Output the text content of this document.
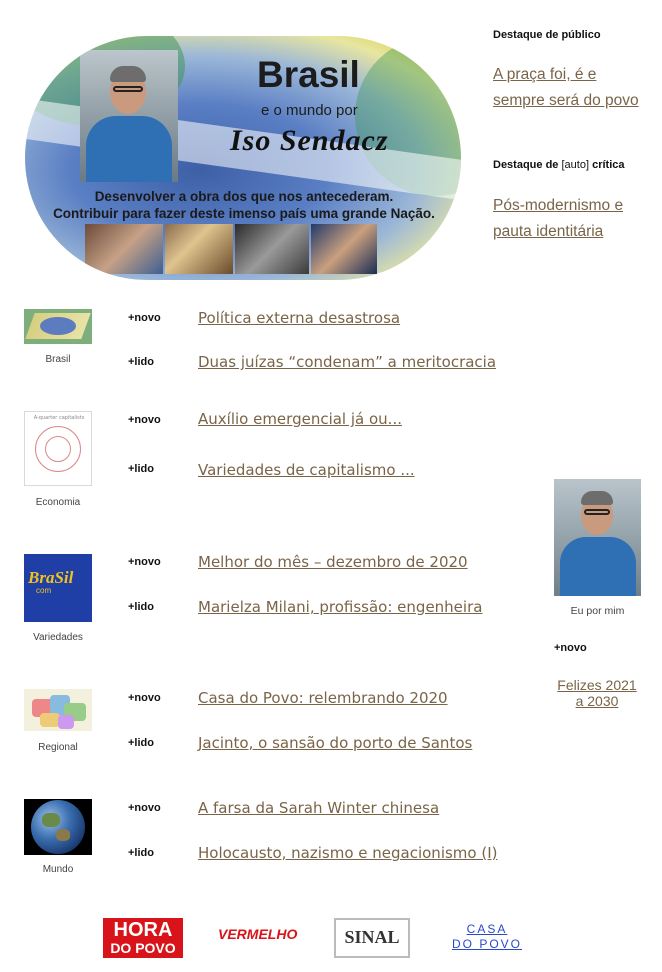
Brasil
e o mundo por
Iso Sendacz
Desenvolver a obra dos que nos antecederam.
Contribuir para fazer deste imenso país uma grande Nação.
Destaque de público
A praça foi, é e sempre será do povo
Destaque de [auto] crítica
Pós-modernismo e pauta identitária
Brasil
+novo Política externa desastrosa
+lido	Duas juízas “condenam” a meritocracia
A-quarter capitalists
Economia
+novo Auxílio emergencial já ou...
+lido	Variedades de capitalismo ...
BraSil
com
Variedades
+novo Melhor do mês – dezembro de 2020
+lido	Marielza Milani, profissão: engenheira
Regional
+novo Casa do Povo: relembrando 2020
+lido	Jacinto, o sansão do porto de Santos
Mundo
+novo A farsa da Sarah Winter chinesa
+lido	Holocausto, nazismo e negacionismo (I)
Eu por mim
+novo
Felizes 2021 a 2030
HORA
DO POVO
VERMELHO	SINAL	CASA
DO POVO
